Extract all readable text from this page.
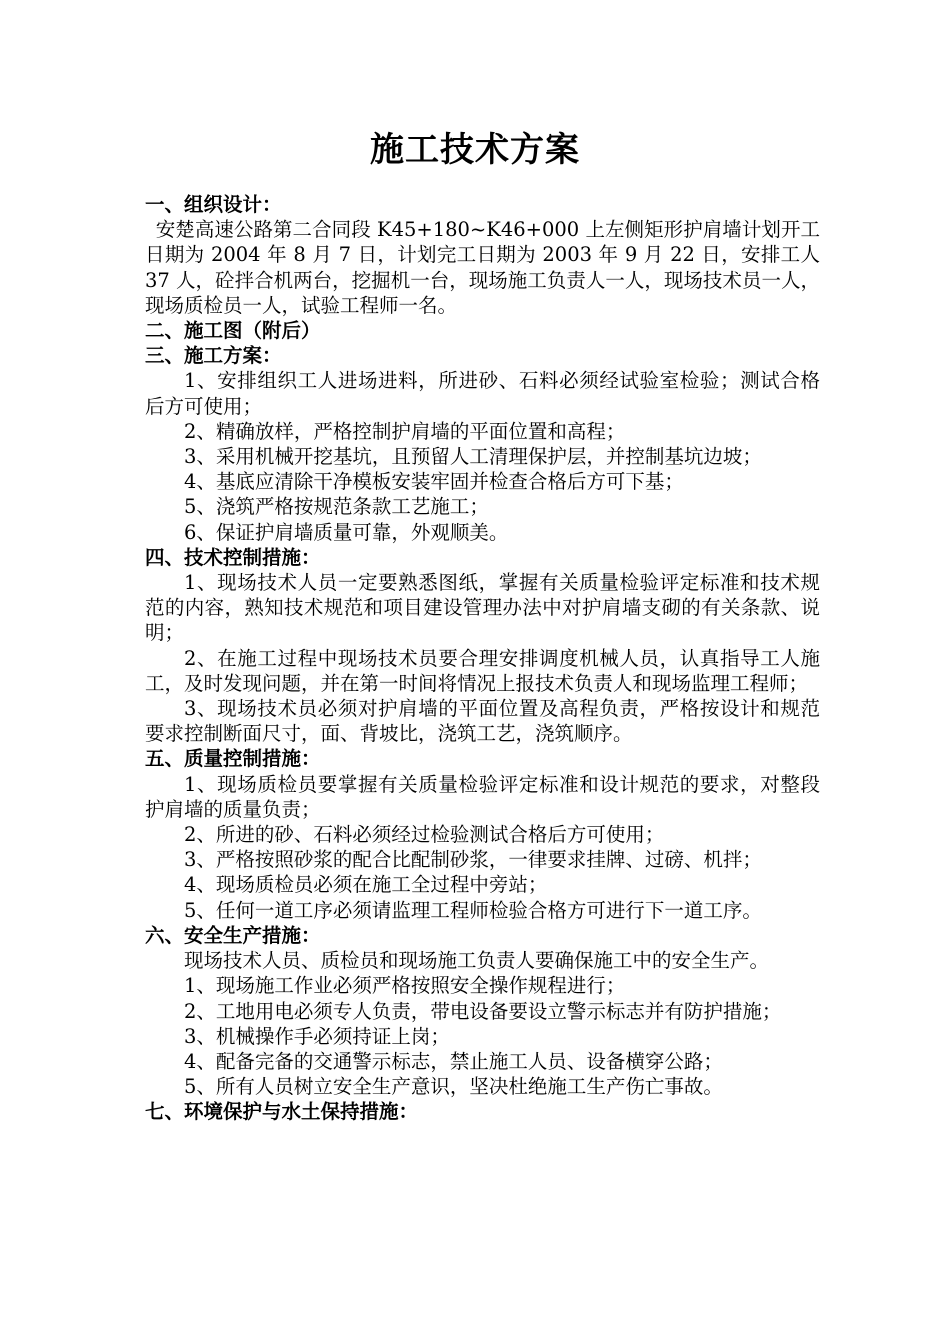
施工技术方案

一、组织设计：

安楚高速公路第二合同段 K45+180~K46+000 上左侧矩形护肩墙计划开工日期为 2004 年 8 月 7 日，计划完工日期为 2003 年 9 月 22 日，安排工人 37 人，砼拌合机两台，挖掘机一台，现场施工负责人一人，现场技术员一人，现场质检员一人，试验工程师一名。

二、施工图（附后）

三、施工方案：

1、安排组织工人进场进料，所进砂、石料必须经试验室检验；测试合格后方可使用；

2、精确放样，严格控制护肩墙的平面位置和高程；

3、采用机械开挖基坑，且预留人工清理保护层，并控制基坑边坡；

4、基底应清除干净模板安装牢固并检查合格后方可下基；

5、浇筑严格按规范条款工艺施工；

6、保证护肩墙质量可靠，外观顺美。

四、技术控制措施：

1、现场技术人员一定要熟悉图纸，掌握有关质量检验评定标准和技术规范的内容，熟知技术规范和项目建设管理办法中对护肩墙支砌的有关条款、说明；

2、在施工过程中现场技术员要合理安排调度机械人员，认真指导工人施工，及时发现问题，并在第一时间将情况上报技术负责人和现场监理工程师；

3、现场技术员必须对护肩墙的平面位置及高程负责，严格按设计和规范要求控制断面尺寸，面、背坡比，浇筑工艺，浇筑顺序。

五、质量控制措施：

1、现场质检员要掌握有关质量检验评定标准和设计规范的要求，对整段护肩墙的质量负责；

2、所进的砂、石料必须经过检验测试合格后方可使用；

3、严格按照砂浆的配合比配制砂浆，一律要求挂牌、过磅、机拌；

4、现场质检员必须在施工全过程中旁站；

5、任何一道工序必须请监理工程师检验合格方可进行下一道工序。

六、安全生产措施：

现场技术人员、质检员和现场施工负责人要确保施工中的安全生产。

1、现场施工作业必须严格按照安全操作规程进行；

2、工地用电必须专人负责，带电设备要设立警示标志并有防护措施；

3、机械操作手必须持证上岗；

4、配备完备的交通警示标志，禁止施工人员、设备横穿公路；

5、所有人员树立安全生产意识，坚决杜绝施工生产伤亡事故。

七、环境保护与水土保持措施：
